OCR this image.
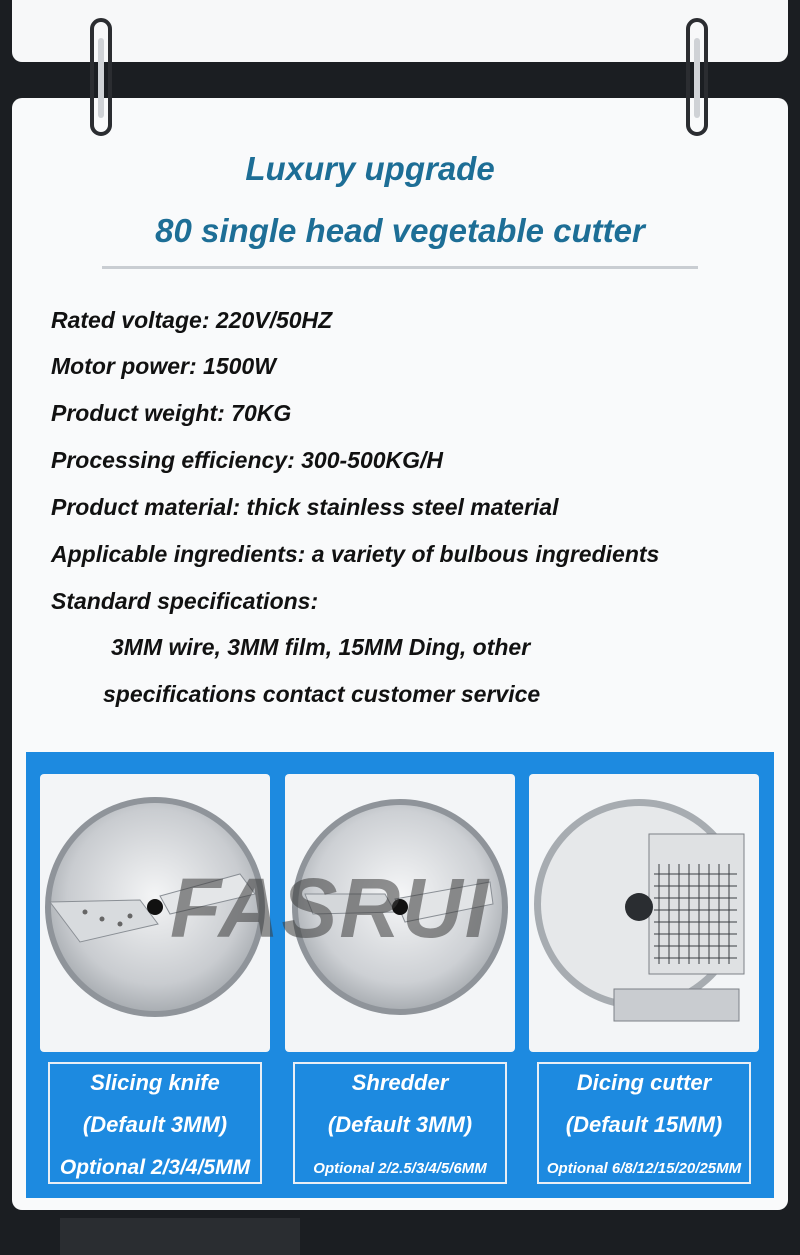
Luxury upgrade
80 single head vegetable cutter
Rated voltage: 220V/50HZ
Motor power: 1500W
Product weight: 70KG
Processing efficiency: 300-500KG/H
Product material: thick stainless steel material
Applicable ingredients: a variety of bulbous ingredients
Standard specifications:
3MM wire, 3MM film, 15MM Ding, other
specifications contact customer service
FASRUI
Slicing knife
(Default 3MM)
Optional 2/3/4/5MM
Shredder
(Default 3MM)
Optional 2/2.5/3/4/5/6MM
Dicing cutter
(Default 15MM)
Optional 6/8/12/15/20/25MM
